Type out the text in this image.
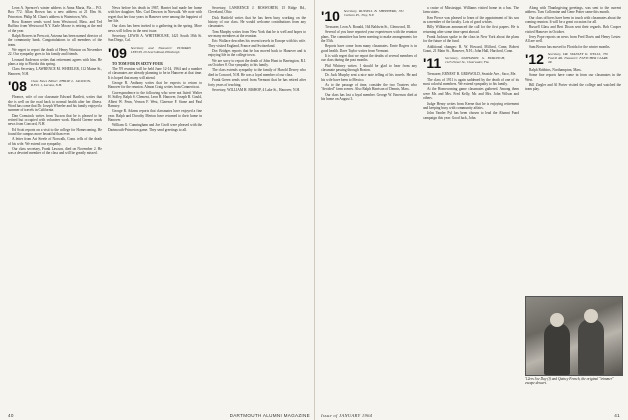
Leon A. Spencer's winter address is Anna Maria, Fla.... P.O. Box 772. Allan Brown has a new address at 21 Elm St. Princeton. Philip M. Clum's address is Watertown, Wis.

Ross Kramer sends word from Westwood, Mass. and Ted Ruffino from Westwood N.Y. Earle Moose is retiring at the end of the year.

Ralph Bowers in Prescott, Arizona has been named director of the community bank. Congratulations to all members of the team.

We regret to report the death of Henry Winston on November 22. Our sympathy goes to his family and friends.

Leonard Anderson writes that retirement agrees with him. He plans a trip to Florida this spring.

Class Secretary, LAWRENCE M. WHEELER, 112 Maine St., Hanover, N.H.

'08 Class News Editor: PHILIP L. JACKSON, R.F.D. 1, Lacona, N.H.

Fleance, wife of our classmate Edward Bartlett, writes that she is well on the road back to normal health after her illness. Word has come that Dr. Joseph Wheeler and his family enjoyed a summer of travels in California.

Dan Comstock writes from Tucson that he is pleased to be retired but occupied with volunteer work. Harold Greene sends news from Concord, N.H.

Ed Scott reports on a visit to the college for Homecoming. He found the campus more beautiful than ever.

A letter from Art Steele of Norwalk, Conn. tells of the death of his wife. We extend our sympathy.

Our class secretary, Frank Lawson, died on November 2. He was a devoted member of the class and will be greatly missed.

News before his death in 1967, Harriet had made her home with her daughter. Mrs. Carl Dawson in Norwalk. We note with regret that her four years in Hanover were among the happiest of her life.

Our class has been invited to a gathering in the spring. More news will follow in the next issue.

Secretary, LEWIS A. WHITEHOUSE, 1421 South 18th St. San Diego, Cal.

'09 Secretary and Treasurer: EDWARD LEECH, 29 Leech Road, Pittsburgh

TO TOM FOR IN SIXTY-FOUR

The '09 reunion will be held June 12-14, 1964 and a number of classmates are already planning to be in Hanover at that time. It is hoped that many will attend.

George R. Anthony writes that he expects to return to Hanover for the reunion. Almon Craig writes from Connecticut.

Correspondence to the following who were not listed: Walter H. Sidley, Ralph S. Clement, Leon B. Hanover, Joseph B. Gould, Albert W. Fenn, Vernon F. West, Clarence F. Stone and Paul Ramsey.

George R. Adams reports that classmates have enjoyed a fine year. Ralph and Dorothy Merton have returned to their home in Hanover.

William G. Cunningham and Joe Groff were pleased with the Dartmouth-Princeton game. They send greetings to all.

Secretary, LAWRENCE J. BOSWORTH, 15 Ridge Rd., Cleveland, Ohio

Dick Hatfield writes that he has been busy working on the history of our class. He would welcome contributions from any classmates.

Tom Murphy writes from New York that he is well and hopes to see many members at the reunion.

Eric Wallace describes his recent travels in Europe with his wife. They visited England, France and Switzerland.

Doc Bridges reports that he has moved back to Hanover and is enjoying life in the college town.

We are sorry to report the death of John Hunt in Barrington, R.I. on October 8. Our sympathy to his family.

The class extends sympathy to the family of Harold Dewey who died in Concord, N.H. He was a loyal member of our class.

Frank Green sends word from Vermont that he has retired after forty years of teaching.

Secretary, WILLIAM H. BISHOP, 4 Lake St., Hanover, N.H.

40	DARTMOUTH ALUMNI MAGAZINE
'10 Secretary, RUSSELL B. SHEPHERD, 331 Carlson Pl., Troy, N.Y.

Treasurer, Leon A. Ronald, 164 Baldwin St., Glenwood, Ill.

Several of you have reported your experiences with the reunion plans. The committee has been meeting to make arrangements for the 55th.

Reports have come from many classmates. Ernie Rogers is in good health. Dave Taylor writes from Vermont.

It is with regret that we report the deaths of several members of our class during the past months.

Phil Whitney writes: I should be glad to hear from any classmate passing through Boston.

Dr. Jack Murphy sent a nice note telling of his travels. He and his wife have been to Mexico.

As to the passage of time, consider the two Trustees who "decided" farm scenes. Also Ralph Harrison of Dennis, Mass.

Our class has lost a loyal member. George W. Emerson died at his home on August 3.

a cruise of Mississippi. Williams visited home in a bus. The farm states.

Ken Pierce was pleased to learn of the appointment of his son as a member of the faculty. Lots of good wishes.

Billy Wilkinson announced the call for the first papers. He is returning after some time spent abroad.

Frank Jackson spoke to the class in New York about the plans for the future of the fund.

Additional changes: R. W. Howard, Milford, Conn; Robert Grant, 21 Main St., Hanover, N.H.; John Hall, Hartford, Conn.

'11 Secretary, NATHANIEL G. BURLEIGH, 1125 Dover St., Clearwater, Fla.

Treasurer, ERNEST B. GRISWOLD, Seaside Ave., Saco, Me.

The class of 1911 is again saddened by the death of one of its most colorful members. We extend sympathy to his family.

At the Homecoming game classmates gathered. Among them were Mr. and Mrs. Fred Kelly, Mr. and Mrs. John Wilson and others.

Judge Henry writes from Keene that he is enjoying retirement and keeping busy with community affairs.

John Vander Pyl has been chosen to lead the Alumni Fund campaign this year. Good luck, John.

Along with Thanksgiving greetings, was sent to the current address. Tom Collomine and Gene Potter came this month.

Our class officers have been in touch with classmates about the coming reunion. It will be a great occasion for all.

Russell Glass and Bert Dixon sent their regards. Bob Cooper visited Hanover in October.

Jerry Pope reports on news from Fred Davis and Henry Lester. All are well.

Sam Brown has moved to Florida for the winter months.

'12 Secretary, DR. STANLEY K. WELLS, 736 Fourth Rd. Treasurer: FLETCHER CLARK JR.

Ralph Robbins, Northampton, Mass.

Some fine reports have come in from our classmates in the West.

Bill Ziegler and Al Porter visited the college and watched the team play.

'12ers Joe Day (l) and Quincy French, the original "trimmer" escape dessert.
Issue of JANUARY 1964	41
